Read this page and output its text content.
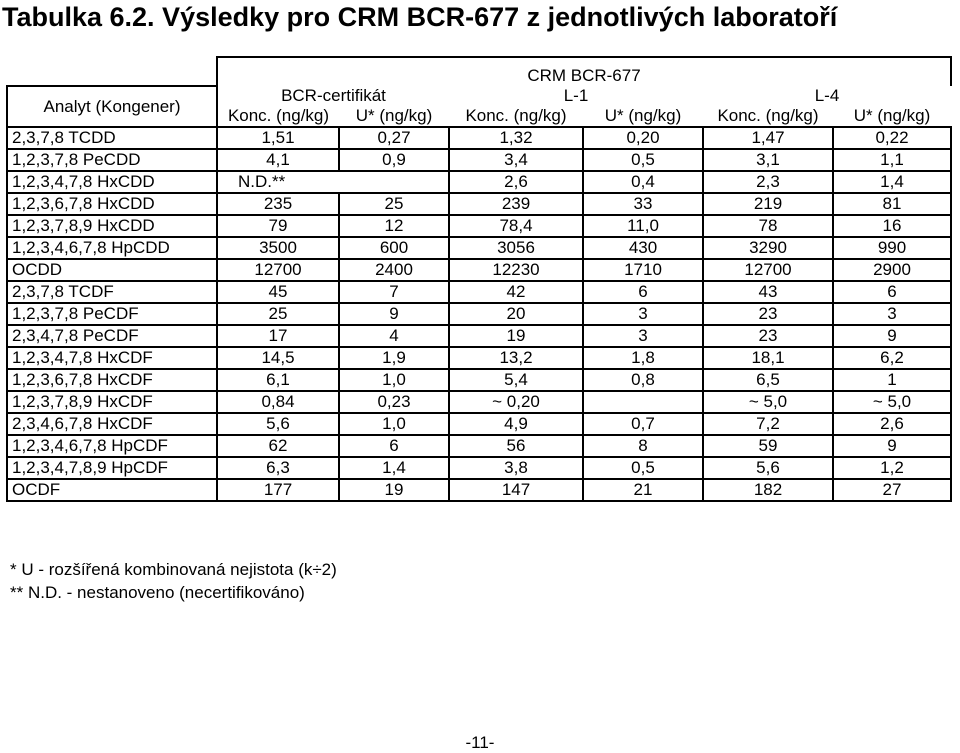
Tabulka 6.2. Výsledky pro CRM BCR-677 z jednotlivých laboratoří
	CRM BCR-677					
Analyt (Kongener)	BCR-certifikát		L-1		L-4	
	Konc. (ng/kg)	U* (ng/kg)	Konc. (ng/kg)	U* (ng/kg)	Konc. (ng/kg)	U* (ng/kg)
2,3,7,8 TCDD	1,51	0,27	1,32	0,20	1,47	0,22
1,2,3,7,8 PeCDD	4,1	0,9	3,4	0,5	3,1	1,1
1,2,3,4,7,8 HxCDD	N.D.**		2,6	0,4	2,3	1,4
1,2,3,6,7,8 HxCDD	235	25	239	33	219	81
1,2,3,7,8,9 HxCDD	79	12	78,4	11,0	78	16
1,2,3,4,6,7,8 HpCDD	3500	600	3056	430	3290	990
OCDD	12700	2400	12230	1710	12700	2900
2,3,7,8 TCDF	45	7	42	6	43	6
1,2,3,7,8 PeCDF	25	9	20	3	23	3
2,3,4,7,8 PeCDF	17	4	19	3	23	9
1,2,3,4,7,8 HxCDF	14,5	1,9	13,2	1,8	18,1	6,2
1,2,3,6,7,8 HxCDF	6,1	1,0	5,4	0,8	6,5	1
1,2,3,7,8,9 HxCDF	0,84	0,23	~ 0,20		~ 5,0	~ 5,0
2,3,4,6,7,8 HxCDF	5,6	1,0	4,9	0,7	7,2	2,6
1,2,3,4,6,7,8 HpCDF	62	6	56	8	59	9
1,2,3,4,7,8,9 HpCDF	6,3	1,4	3,8	0,5	5,6	1,2
OCDF	177	19	147	21	182	27
* U - rozšířená kombinovaná nejistota (k÷2)
** N.D. - nestanoveno (necertifikováno)
-11-
